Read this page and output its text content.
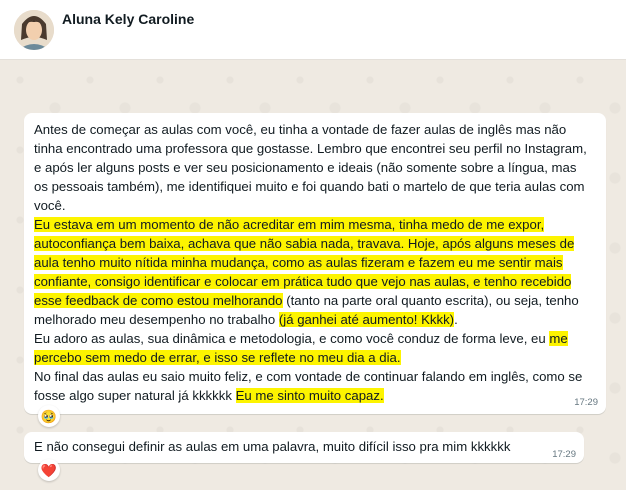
Aluna Kely Caroline
Antes de começar as aulas com você, eu tinha a vontade de fazer aulas de inglês mas não tinha encontrado uma professora que gostasse. Lembro que encontrei seu perfil no Instagram, e após ler alguns posts e ver seu posicionamento e ideais (não somente sobre a língua, mas os pessoais também), me identifiquei muito e foi quando bati o martelo de que teria aulas com você.
Eu estava em um momento de não acreditar em mim mesma, tinha medo de me expor, autoconfiança bem baixa, achava que não sabia nada, travava. Hoje, após alguns meses de aula tenho muito nítida minha mudança, como as aulas fizeram e fazem eu me sentir mais confiante, consigo identificar e colocar em prática tudo que vejo nas aulas, e tenho recebido esse feedback de como estou melhorando (tanto na parte oral quanto escrita), ou seja, tenho melhorado meu desempenho no trabalho (já ganhei até aumento! Kkkk).
Eu adoro as aulas, sua dinâmica e metodologia, e como você conduz de forma leve, eu me percebo sem medo de errar, e isso se reflete no meu dia a dia.
No final das aulas eu saio muito feliz, e com vontade de continuar falando em inglês, como se fosse algo super natural já kkkkkk Eu me sinto muito capaz.	17:29
🥹
E não consegui definir as aulas em uma palavra, muito difícil isso pra mim kkkkkk
17:29
❤️
